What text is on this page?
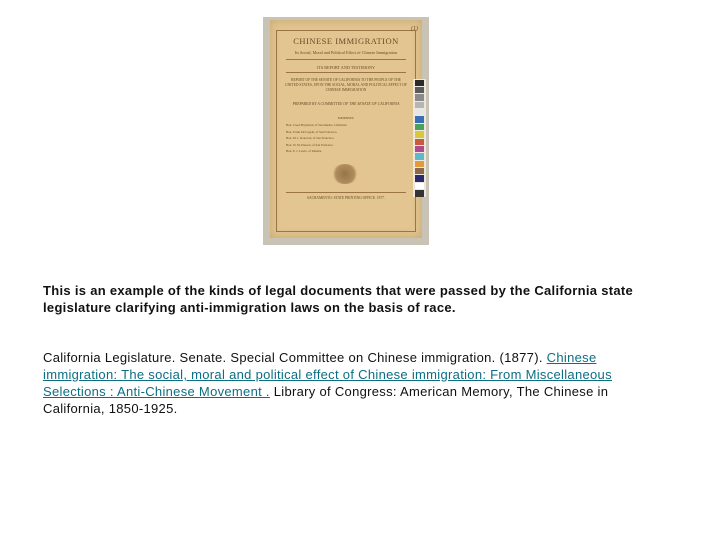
(1)
CHINESE IMMIGRATION
Its Social, Moral and Political Effect of Chinese Immigration
ITS REPORT AND TESTIMONY
REPORT OF THE SENATE OF CALIFORNIA TO THE PEOPLE OF THE UNITED STATES, UPON THE SOCIAL, MORAL AND POLITICAL EFFECT OF CHINESE IMMIGRATION
PREPARED BY A COMMITTEE OF THE SENATE OF CALIFORNIA
MEMBERS:
Hon. Creed Haymond, of Sacramento, Chairman.
Hon. Frank McCoppin, of San Francisco.
Hon. M. J. Donovan, of San Francisco.
Hon. W. M. Pierson, of San Francisco.
Hon. E. J. Lewis, of Tehama.
SACRAMENTO: STATE PRINTING OFFICE. 1877.

This is an example of the kinds of legal documents that were passed by the California state legislature clarifying anti-immigration laws on the basis of race.

California Legislature. Senate. Special Committee on Chinese immigration. (1877). Chinese immigration: The social, moral and political effect of Chinese immigration: From Miscellaneous Selections : Anti-Chinese Movement . Library of Congress: American Memory, The Chinese in California, 1850-1925.
